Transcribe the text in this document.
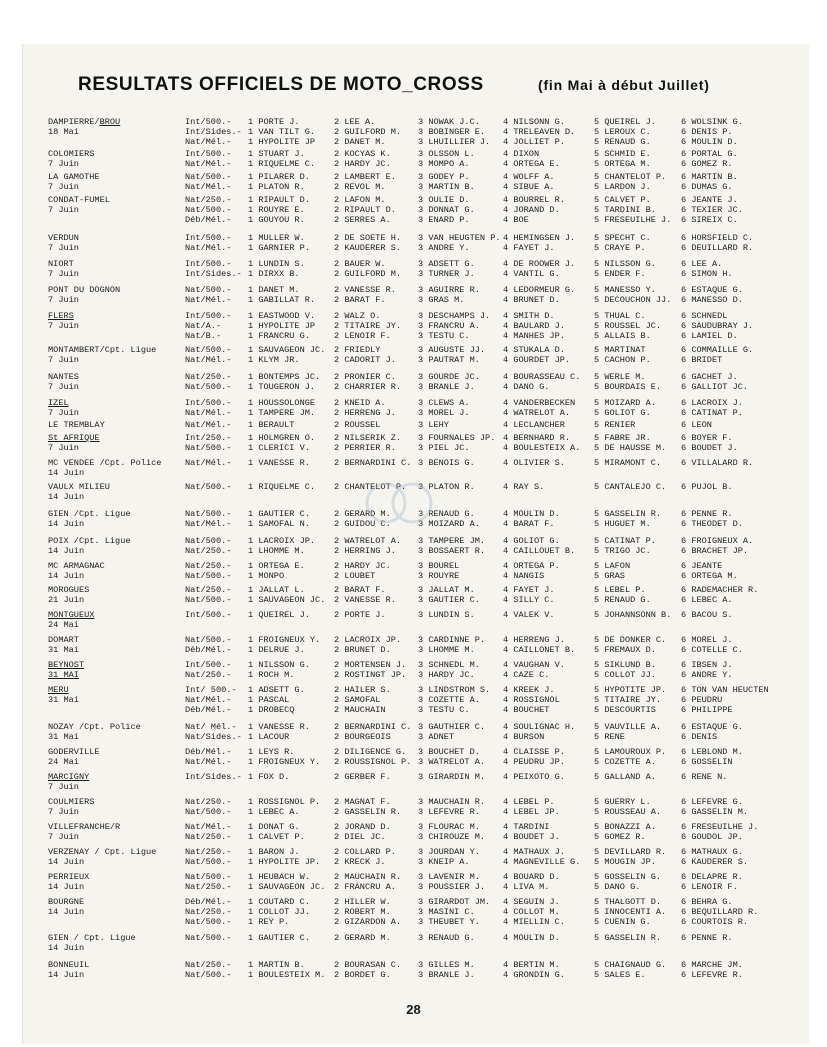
RESULTATS OFFICIELS DE MOTO_CROSS	(fin Mai à début Juillet)
DAMPIERRE/BROU
18 Mai
Int/500.-	1 PORTE J.	2 LEE A.	3 NOWAK J.C.	4 NILSONN G.	5 QUEIREL J.	6 WOLSINK G.
Int/Sides.- 1 VAN TILT G.	2 GUILFORD M.	3 BOBINGER E.	4 TRELEAVEN D.	5 LEROUX C.	6 DENIS P.
Nat/Mél.-	1 HYPOLITE JP	2 DANET M.	3 LHUILLIER J.	4 JOLLIET P.	5 RENAUD G.	6 MOULIN D.
COLOMIERS
7 Juin
Int/500.-	1 STUART J.	2 KOCYAS K.	3 OLSSON L.	4 DIXON	5 SCHMID E.	6 PORTAL G.
Nat/Mél.-	1 RIQUELME C.	2 HARDY JC.	3 MOMPO A.	4 ORTEGA E.	5 ORTEGA M.	6 GOMEZ R.
LA GAMOTHE
7 Juin
Nat/500.-	1 PILARER D.	2 LAMBERT E.	3 GODEY P.	4 WOLFF A.	5 CHANTELOT P.	6 MARTIN B.
Nat/Mél.-	1 PLATON R.	2 REVOL M.	3 MARTIN B.	4 SIBUE A.	5 LARDON J.	6 DUMAS G.
CONDAT-FUMEL
7 Juin
Nat/250.-	1 RIPAULT D.	2 LAFON M.	3 OULIE D.	4 BOURREL R.	5 CALVET P.	6 JEANTE J.
Nat/500.-	1 ROUYRE E.	2 RIPAULT D.	3 DONNAT G.	4 JORAND D.	5 TARDINI B.	6 TEXIER JC.
Déb/Mél.-	1 GOUYOU R.	2 SERRES A.	3 ENARD P.	4 BOE	5 FRESEUILHE J.	6 SIREIX C.
VERDUN
7 Juin
Int/500.-	1 MULLER W.	2 DE SOETE H.	3 VAN HEUGTEN P. 4 HEMINGSEN J.	5 SPECHT C.	6 HORSFIELD C.
Nat/Mél.-	1 GARNIER P.	2 KAUDERER S.	3 ANDRE Y.	4 FAYET J.	5 CRAYE P.	6 DEUILLARD R.
NIORT
7 Juin
Int/500.-	1 LUNDIN S.	2 BAUER W.	3 ADSETT G.	4 DE ROOWER J.	5 NILSSON G.	6 LEE A.
Int/Sides.- 1 DIRXX B.	2 GUILFORD M.	3 TURNER J.	4 VANTIL G.	5 ENDER F.	6 SIMON H.
PONT DU DOGNON
7 Juin
Nat/500.-	1 DANET M.	2 VANESSE R.	3 AGUIRRE R.	4 LEDORMEUR G.	5 MANESSO Y.	6 ESTAQUE G.
Nat/Mél.-	1 GABILLAT R.	2 BARAT F.	3 GRAS M.	4 BRUNET D.	5 DECOUCHON JJ.	6 MANESSO D.
FLERS
7 Juin
Int/500.-	1 EASTWOOD V.	2 WALZ O.	3 DESCHAMPS J.	4 SMITH D.	5 THUAL C.	6 SCHNEDL
Nat/A.-	1 HYPOLITE JP	2 TITAIRE JY.	3 FRANCRU A.	4 BAULARD J.	5 ROUSSEL JC.	6 SAUDUBRAY J.
Nat/B.-	1 FRANCRU G.	2 LENOIR F.	3 TESTU C.	4 MANHES JP.	5 ALLAIS B.	6 LAMIEL D.
MONTAMBERT/Cpt. Ligue
7 Juin
Nat/500.-	1 SAUVAGEON JC.	2 FRIEDLY	3 AUGUSTE JJ.	4 STUKALA D.	5 MARTINAT	6 COMMAILLE G.
Nat/Mél.-	1 KLYM JR.	2 CADORIT J.	3 PAUTRAT M.	4 GOURDET JP.	5 CACHON P.	6 BRIDET
NANTES
7 Juin
Nat/250.-	1 BONTEMPS JC.	2 PRONIER C.	3 GOURDE JC.	4 BOURASSEAU C.	5 WERLE M.	6 GACHET J.
Nat/500.-	1 TOUGERON J.	2 CHARRIER R.	3 BRANLE J.	4 DANO G.	5 BOURDAIS E.	6 GALLIOT JC.
IZEL
7 Juin
Int/500.-	1 HOUSSOLONGE	2 KNEID A.	3 CLEWS A.	4 VANDERBECKEN	5 MOIZARD A.	6 LACROIX J.
Nat/Mél.-	1 TAMPERE JM.	2 HERRENG J.	3 MOREL J.	4 WATRELOT A.	5 GOLIOT G.	6 CATINAT P.
LE TREMBLAY	Nat/Mél.-	1 BERAULT	2 ROUSSEL	3 LEHY	4 LECLANCHER	5 RENIER	6 LEON
St AFRIQUE
7 Juin
Int/250.-	1 HOLMGREN O.	2 NILSERIK Z.	3 FOURNALES JP. 4 BERNHARD R.	5 FABRE JR.	6 BOYER F.
Nat/500.-	1 CLERICI V.	2 PERRIER R.	3 PIEL JC.	4 BOULESTEIX A.	5 DE HAUSSE M.	6 BOUDET J.
MC VENDEE /Cpt. Police
14 Juin
Nat/Mél.-	1 VANESSE R.	2 BERNARDINI C. 3 BENOIS G.	4 OLIVIER S.	5 MIRAMONT C.	6 VILLALARD R.
VAULX MILIEU
14 Juin
Nat/500.-	1 RIQUELME C.	2 CHANTELOT P.	3 PLATON R.	4 RAY S.	5 CANTALEJO C.	6 PUJOL B.
GIEN /Cpt. Ligue
14 Juin
Nat/500.-	1 GAUTIER C.	2 GERARD M.	3 RENAUD G.	4 MOULIN D.	5 GASSELIN R.	6 PENNE R.
Nat/Mél.-	1 SAMOFAL N.	2 GUIDOU C.	3 MOIZARD A.	4 BARAT F.	5 HUGUET M.	6 THEODET D.
POIX /Cpt. Ligue
14 Juin
Nat/500.-	1 LACROIX JP.	2 WATRELOT A.	3 TAMPERE JM.	4 GOLIOT G.	5 CATINAT P.	6 FROIGNEUX A.
Nat/250.-	1 LHOMME M.	2 HERRING J.	3 BOSSAERT R.	4 CAILLOUET B.	5 TRIGO JC.	6 BRACHET JP.
MC ARMAGNAC
14 Juin
Nat/250.-	1 ORTEGA E.	2 HARDY JC.	3 BOUREL	4 ORTEGA P.	5 LAFON	6 JEANTE
Nat/500.-	1 MONPO	2 LOUBET	3 ROUYRE	4 NANGIS	5 GRAS	6 ORTEGA M.
MOROGUES
21 Juin
Nat/250.-	1 JALLAT L.	2 BARAT F.	3 JALLAT M.	4 FAYET J.	5 LEBEL P.	6 RADEMACHER R.
Nat/500.-	1 SAUVAGEON JC.	2 VANESSE R.	3 GAUTIER C.	4 SILLY C.	5 RENAUD G.	6 LEBEC A.
MONTGUEUX
24 Mai
Int/500.-	1 QUEIREL J.	2 PORTE J.	3 LUNDIN S.	4 VALEK V.	5 JOHANNSONN B.	6 BACOU S.
DOMART
31 Mai
Nat/500.-	1 FROIGNEUX Y.	2 LACROIX JP.	3 CARDINNE P.	4 HERRENG J.	5 DE DONKER C.	6 MOREL J.
Déb/Mél.-	1 DELRUE J.	2 BRUNET D.	3 LHOMME M.	4 CAILLONET B.	5 FREMAUX D.	6 COTELLE C.
BEYNOST
31 MAI
Int/500.-	1 NILSSON G.	2 MORTENSEN J.	3 SCHNEDL M.	4 VAUGHAN V.	5 SIKLUND B.	6 IBSEN J.
Nat/250.-	1 ROCH M.	2 ROSTINGT JP.	3 HARDY JC.	4 CAZE C.	5 COLLOT JJ.	6 ANDRE Y.
MERU
31 Mai
Int/ 500.-	1 ADSETT G.	2 HAILER S.	3 LINDSTROM S.	4 KREEK J.	5 HYPOTITE JP.	6 TON VAN HEUCTEN
Nat/Mél.-	1 PASCAL	2 SAMOFAL	3 COZETTE A.	4 ROSSIGNOL	5 TITAIRE JY.	6 PEUDRU
Déb/Mél.-	1 DROBECQ	2 MAUCHAIN	3 TESTU C.	4 BOUCHET	5 DESCOURTIS	6 PHILIPPE
NOZAY /Cpt. Police
31 Mai
Nat/ Mél.-	1 VANESSE R.	2 BERNARDINI C. 3 GAUTHIER C.	4 SOULIGNAC H.	5 VAUVILLE A.	6 ESTAQUE G.
Nat/Sides.- 1 LACOUR	2 BOURGEOIS	3 ADNET	4 BURSON	5 RENE	6 DENIS
GODERVILLE
24 Mai
Déb/Mél.-	1 LEYS R.	2 DILIGENCE G.	3 BOUCHET D.	4 CLAISSE P.	5 LAMOUROUX P.	6 LEBLOND M.
Nat/Mél.-	1 FROIGNEUX Y.	2 ROUSSIGNOL P. 3 WATRELOT A.	4 PEUDRU JP.	5 COZETTE A.	6 GOSSELIN
MARCIGNY
7 Juin
Int/Sides.- 1 FOX D.	2 GERBER F.	3 GIRARDIN M.	4 PEIXOTO G.	5 GALLAND A.	6 RENE N.
COULMIERS
7 Juin
Nat/250.-	1 ROSSIGNOL P.	2 MAGNAT F.	3 MAUCHAIN R.	4 LEBEL P.	5 GUERRY L.	6 LEFEVRE G.
Nat/500.-	1 LEBEC A.	2 GASSELIN R.	3 LEFEVRE R.	4 LEBEL JP.	5 ROUSSEAU A.	6 GASSELIN M.
VILLEFRANCHE/R
7 Juin
Nat/Mél.-	1 DONAT G.	2 JORAND D.	3 FLOURAC M.	4 TARDINI	5 BONAZZI A.	6 FRESEUILHE J.
Nat/250.-	1 CALVET P.	2 DIEL JC.	3 CHIROUZE M.	4 BOUDET J.	5 GOMEZ R.	6 GOUDOL JP.
VERZENAY / Cpt. Ligue
14 Juin
Nat/250.-	1 BARON J.	2 COLLARD P.	3 JOURDAN Y.	4 MATHAUX J.	5 DEVILLARD R.	6 MATHAUX G.
Nat/500.-	1 HYPOLITE JP.	2 KRECK J.	3 KNEIP A.	4 MAGNEVILLE G.	5 MOUGIN JP.	6 KAUDERER S.
PERRIEUX
14 Juin
Nat/500.-	1 HEUBACH W.	2 MAUCHAIN R.	3 LAVENIR M.	4 BOUARD D.	5 GOSSELIN G.	6 DELAPRE R.
Nat/250.-	1 SAUVAGEON JC.	2 FRANCRU A.	3 POUSSIER J.	4 LIVA M.	5 DANO G.	6 LENOIR F.
BOURGNE
14 Juin
Déb/Mél.-	1 COUTARD C.	2 HILLER W.	3 GIRARDOT JM.	4 SEGUIN J.	5 THALGOTT D.	6 BEHRA G.
Nat/250.-	1 COLLOT JJ.	2 ROBERT M.	3 MASINI C.	4 COLLOT M.	5 INNOCENTI A.	6 BEQUILLARD R.
Nat/500.-	1 REY P.	2 GIZARDON A.	3 THEUBET Y.	4 MIELLIN C.	5 CUENIN G.	6 COURTOIS R.
GIEN / Cpt. Ligue
14 Juin
Nat/500.-	1 GAUTIER C.	2 GERARD M.	3 RENAUD G.	4 MOULIN D.	5 GASSELIN R.	6 PENNE R.
BONNEUIL
14 Juin
Nat/250.-	1 MARTIN B.	2 BOURASAN C.	3 GILLES M.	4 BERTIN M.	5 CHAIGNAUD G.	6 MARCHE JM.
Nat/500.-	1 BOULESTEIX M.	2 BORDET G.	3 BRANLE J.	4 GRONDIN G.	5 SALES E.	6 LEFEVRE R.
28
